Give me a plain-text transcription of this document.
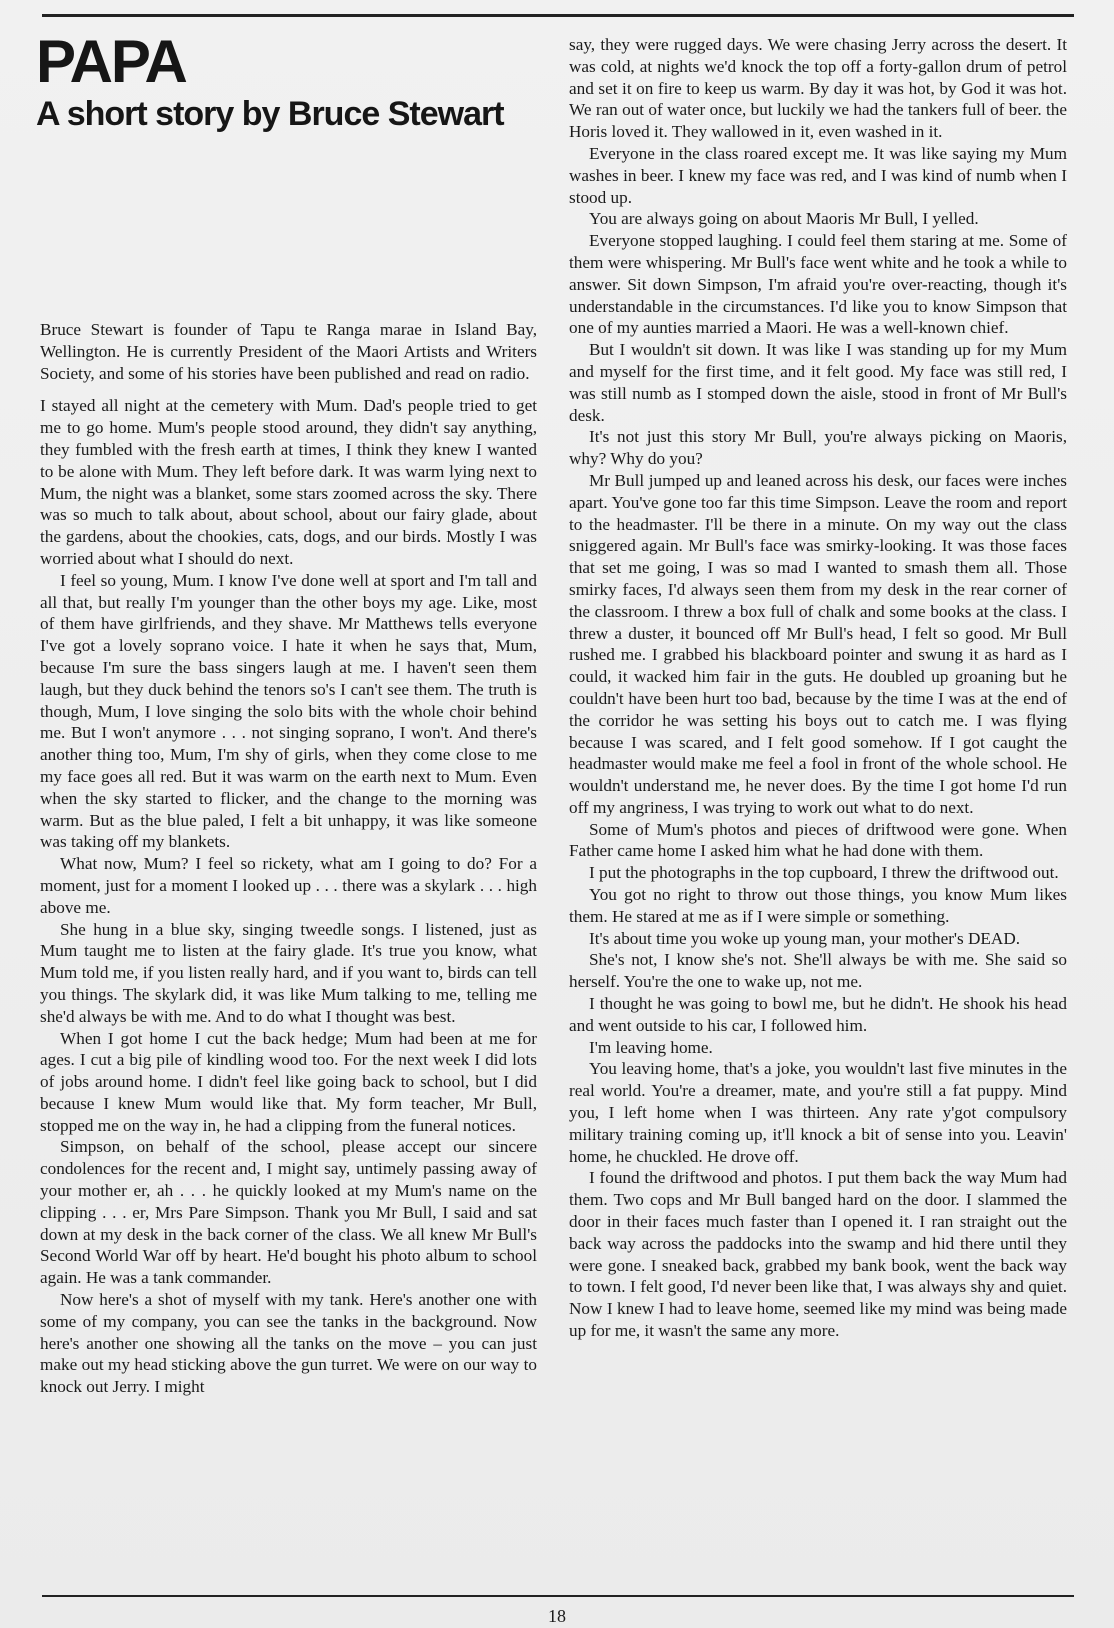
PAPA
A short story by Bruce Stewart

Bruce Stewart is founder of Tapu te Ranga marae in Island Bay, Wellington. He is currently President of the Maori Artists and Writers Society, and some of his stories have been published and read on radio.

I stayed all night at the cemetery with Mum. Dad's people tried to get me to go home. Mum's people stood around, they didn't say anything, they fumbled with the fresh earth at times, I think they knew I wanted to be alone with Mum. They left before dark. It was warm lying next to Mum, the night was a blanket, some stars zoomed across the sky. There was so much to talk about, about school, about our fairy glade, about the gardens, about the chookies, cats, dogs, and our birds. Mostly I was worried about what I should do next.

I feel so young, Mum. I know I've done well at sport and I'm tall and all that, but really I'm younger than the other boys my age. Like, most of them have girlfriends, and they shave. Mr Matthews tells everyone I've got a lovely soprano voice. I hate it when he says that, Mum, because I'm sure the bass singers laugh at me. I haven't seen them laugh, but they duck behind the tenors so's I can't see them. The truth is though, Mum, I love singing the solo bits with the whole choir behind me. But I won't anymore . . . not singing soprano, I won't. And there's another thing too, Mum, I'm shy of girls, when they come close to me my face goes all red. But it was warm on the earth next to Mum. Even when the sky started to flicker, and the change to the morning was warm. But as the blue paled, I felt a bit unhappy, it was like someone was taking off my blankets.

What now, Mum? I feel so rickety, what am I going to do? For a moment, just for a moment I looked up . . . there was a skylark . . . high above me.

She hung in a blue sky, singing tweedle songs. I listened, just as Mum taught me to listen at the fairy glade. It's true you know, what Mum told me, if you listen really hard, and if you want to, birds can tell you things. The skylark did, it was like Mum talking to me, telling me she'd always be with me. And to do what I thought was best.

When I got home I cut the back hedge; Mum had been at me for ages. I cut a big pile of kindling wood too. For the next week I did lots of jobs around home. I didn't feel like going back to school, but I did because I knew Mum would like that. My form teacher, Mr Bull, stopped me on the way in, he had a clipping from the funeral notices.

Simpson, on behalf of the school, please accept our sincere condolences for the recent and, I might say, untimely passing away of your mother er, ah . . . he quickly looked at my Mum's name on the clipping . . . er, Mrs Pare Simpson. Thank you Mr Bull, I said and sat down at my desk in the back corner of the class. We all knew Mr Bull's Second World War off by heart. He'd bought his photo album to school again. He was a tank commander.

Now here's a shot of myself with my tank. Here's another one with some of my company, you can see the tanks in the background. Now here's another one showing all the tanks on the move – you can just make out my head sticking above the gun turret. We were on our way to knock out Jerry. I might

say, they were rugged days. We were chasing Jerry across the desert. It was cold, at nights we'd knock the top off a forty-gallon drum of petrol and set it on fire to keep us warm. By day it was hot, by God it was hot. We ran out of water once, but luckily we had the tankers full of beer. the Horis loved it. They wallowed in it, even washed in it.

Everyone in the class roared except me. It was like saying my Mum washes in beer. I knew my face was red, and I was kind of numb when I stood up.

You are always going on about Maoris Mr Bull, I yelled.

Everyone stopped laughing. I could feel them staring at me. Some of them were whispering. Mr Bull's face went white and he took a while to answer. Sit down Simpson, I'm afraid you're over-reacting, though it's understandable in the circumstances. I'd like you to know Simpson that one of my aunties married a Maori. He was a well-known chief.

But I wouldn't sit down. It was like I was standing up for my Mum and myself for the first time, and it felt good. My face was still red, I was still numb as I stomped down the aisle, stood in front of Mr Bull's desk.

It's not just this story Mr Bull, you're always picking on Maoris, why? Why do you?

Mr Bull jumped up and leaned across his desk, our faces were inches apart. You've gone too far this time Simpson. Leave the room and report to the headmaster. I'll be there in a minute. On my way out the class sniggered again. Mr Bull's face was smirky-looking. It was those faces that set me going, I was so mad I wanted to smash them all. Those smirky faces, I'd always seen them from my desk in the rear corner of the classroom. I threw a box full of chalk and some books at the class. I threw a duster, it bounced off Mr Bull's head, I felt so good. Mr Bull rushed me. I grabbed his blackboard pointer and swung it as hard as I could, it wacked him fair in the guts. He doubled up groaning but he couldn't have been hurt too bad, because by the time I was at the end of the corridor he was setting his boys out to catch me. I was flying because I was scared, and I felt good somehow. If I got caught the headmaster would make me feel a fool in front of the whole school. He wouldn't understand me, he never does. By the time I got home I'd run off my angriness, I was trying to work out what to do next.

Some of Mum's photos and pieces of driftwood were gone. When Father came home I asked him what he had done with them.

I put the photographs in the top cupboard, I threw the driftwood out.

You got no right to throw out those things, you know Mum likes them. He stared at me as if I were simple or something.

It's about time you woke up young man, your mother's DEAD.

She's not, I know she's not. She'll always be with me. She said so herself. You're the one to wake up, not me.

I thought he was going to bowl me, but he didn't. He shook his head and went outside to his car, I followed him.

I'm leaving home.

You leaving home, that's a joke, you wouldn't last five minutes in the real world. You're a dreamer, mate, and you're still a fat puppy. Mind you, I left home when I was thirteen. Any rate y'got compulsory military training coming up, it'll knock a bit of sense into you. Leavin' home, he chuckled. He drove off.

I found the driftwood and photos. I put them back the way Mum had them. Two cops and Mr Bull banged hard on the door. I slammed the door in their faces much faster than I opened it. I ran straight out the back way across the paddocks into the swamp and hid there until they were gone. I sneaked back, grabbed my bank book, went the back way to town. I felt good, I'd never been like that, I was always shy and quiet. Now I knew I had to leave home, seemed like my mind was being made up for me, it wasn't the same any more.

18
